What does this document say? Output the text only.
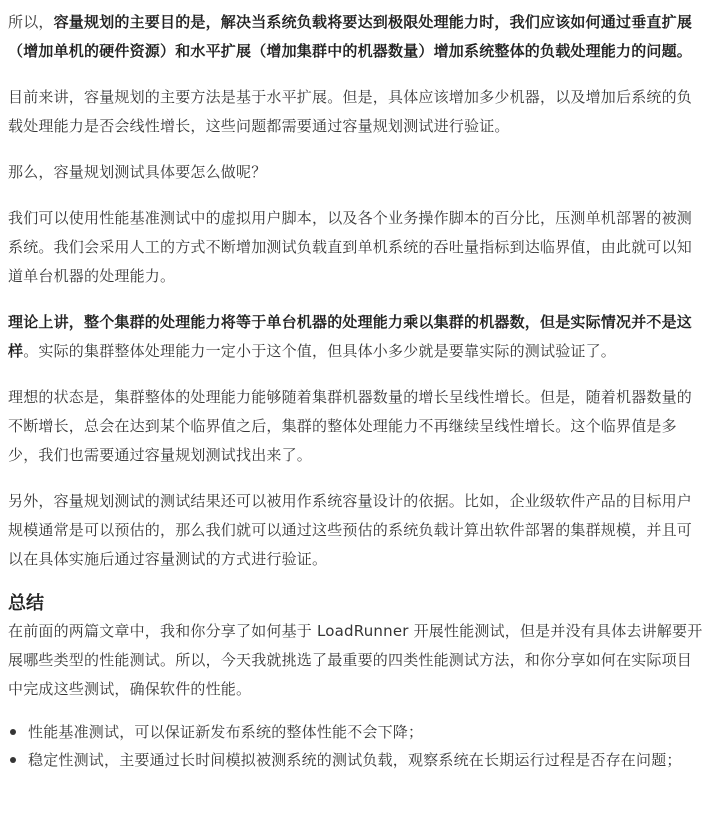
所以，容量规划的主要目的是，解决当系统负载将要达到极限处理能力时，我们应该如何通过垂直扩展（增加单机的硬件资源）和水平扩展（增加集群中的机器数量）增加系统整体的负载处理能力的问题。

目前来讲，容量规划的主要方法是基于水平扩展。但是，具体应该增加多少机器，以及增加后系统的负载处理能力是否会线性增长，这些问题都需要通过容量规划测试进行验证。

那么，容量规划测试具体要怎么做呢？

我们可以使用性能基准测试中的虚拟用户脚本，以及各个业务操作脚本的百分比，压测单机部署的被测系统。我们会采用人工的方式不断增加测试负载直到单机系统的吞吐量指标到达临界值，由此就可以知道单台机器的处理能力。

理论上讲，整个集群的处理能力将等于单台机器的处理能力乘以集群的机器数，但是实际情况并不是这样。实际的集群整体处理能力一定小于这个值，但具体小多少就是要靠实际的测试验证了。

理想的状态是，集群整体的处理能力能够随着集群机器数量的增长呈线性增长。但是，随着机器数量的不断增长，总会在达到某个临界值之后，集群的整体处理能力不再继续呈线性增长。这个临界值是多少，我们也需要通过容量规划测试找出来了。

另外，容量规划测试的测试结果还可以被用作系统容量设计的依据。比如，企业级软件产品的目标用户规模通常是可以预估的，那么我们就可以通过这些预估的系统负载计算出软件部署的集群规模，并且可以在具体实施后通过容量测试的方式进行验证。

总结

在前面的两篇文章中，我和你分享了如何基于 LoadRunner 开展性能测试，但是并没有具体去讲解要开展哪些类型的性能测试。所以，今天我就挑选了最重要的四类性能测试方法，和你分享如何在实际项目中完成这些测试，确保软件的性能。

性能基准测试，可以保证新发布系统的整体性能不会下降；
稳定性测试，主要通过长时间模拟被测系统的测试负载，观察系统在长期运行过程是否存在问题；
